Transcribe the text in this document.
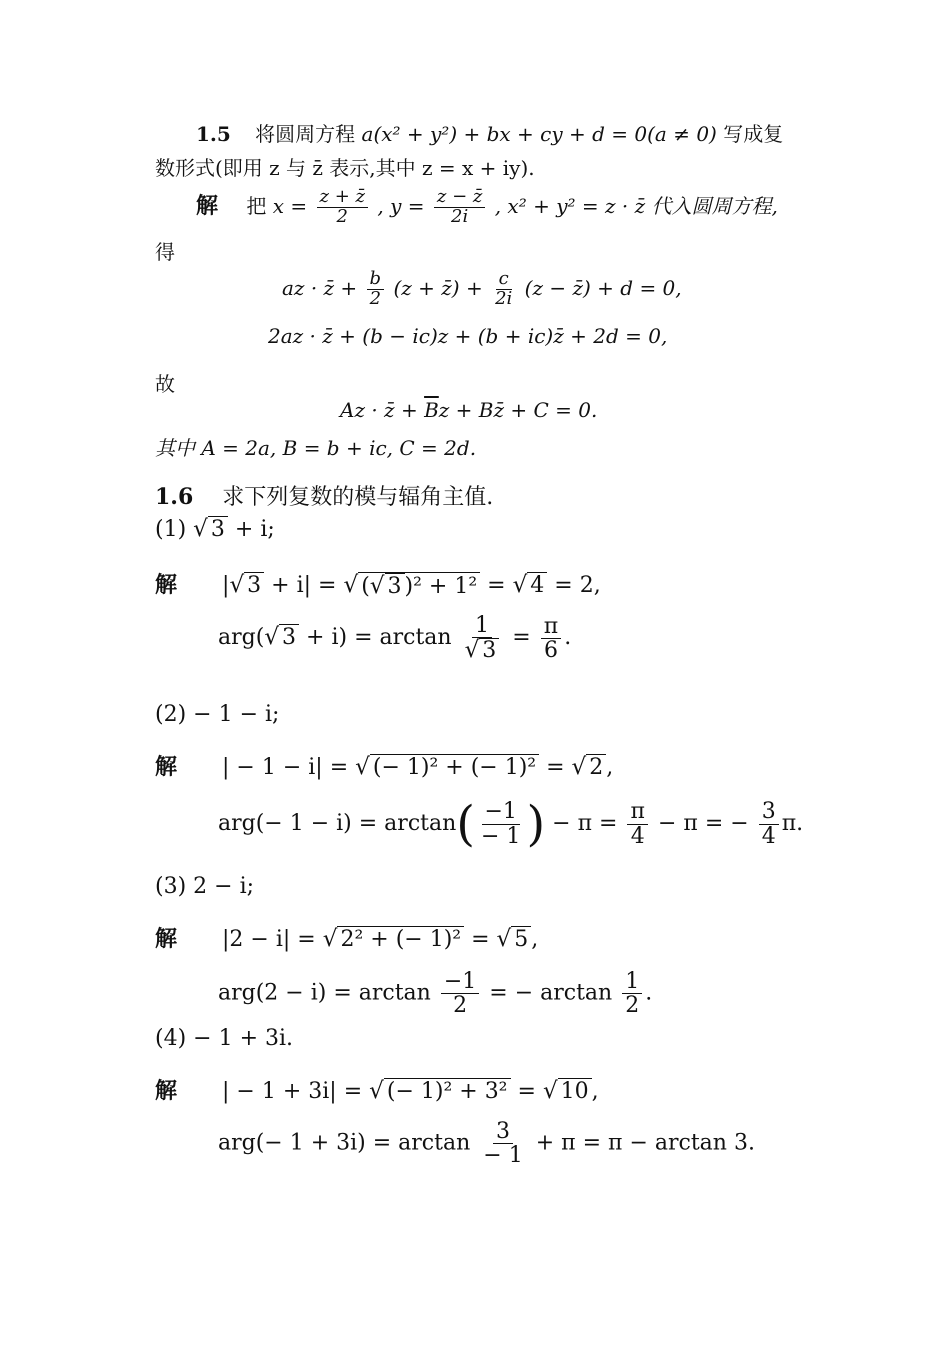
1.5 将圆周方程 a(x² + y²) + bx + cy + d = 0(a ≠ 0) 写成复
数形式(即用 z 与 z̄ 表示,其中 z = x + iy).
解 把 $x = \frac{z + z̄}{2}$ , $y = \frac{z - z̄}{2i}$ , x² + y² = z · z̄ 代入圆周方程,
得
az · z̄ + $\frac{b}{2} (z$ + z̄) + $\frac{c}{2i} (z$ − z̄) + d = 0,
2az · z̄ + (b − ic)z + (b + ic)z̄ + 2d = 0,
故
Az · z̄ + $\overline{B}z$ + Bz̄ + C = 0.
其中 A = 2a, B = b + ic, C = 2d.
1.6 求下列复数的模与辐角主值.
(1) √ 3 + i;
解 | √ 3 + i| = √ ( √ 3 )² + 1² = √ 4 = 2,
arg( √ $3 + i) = \arctan \frac{1}{√ 3} = \frac{\pi}{6}$ .
(2) − 1 − i;
解 | − 1 − i| = √ (− 1)² + (− 1)² = √ 2 ,
$arg(- 1 - i) = \arctan( \frac{-1}{- 1}$ ) − $\pi = \frac{\pi}{4} - \pi$ = − $\frac{3}{4} \pi$.
(3) 2 − i;
解 |2 − i| = √ 2² + (− 1)² = √ 5 ,
$arg(2 - i) = \arctan \frac{-1}{2}$ = − $\arctan \frac{1}{2}$ .
(4) − 1 + 3i.
解 | − 1 + 3i| = √ (− 1)² + 3² = √ 10 ,
$arg(- 1 + 3i) = \arctan \frac{3}{- 1} + \pi = \pi - \arctan 3$.
